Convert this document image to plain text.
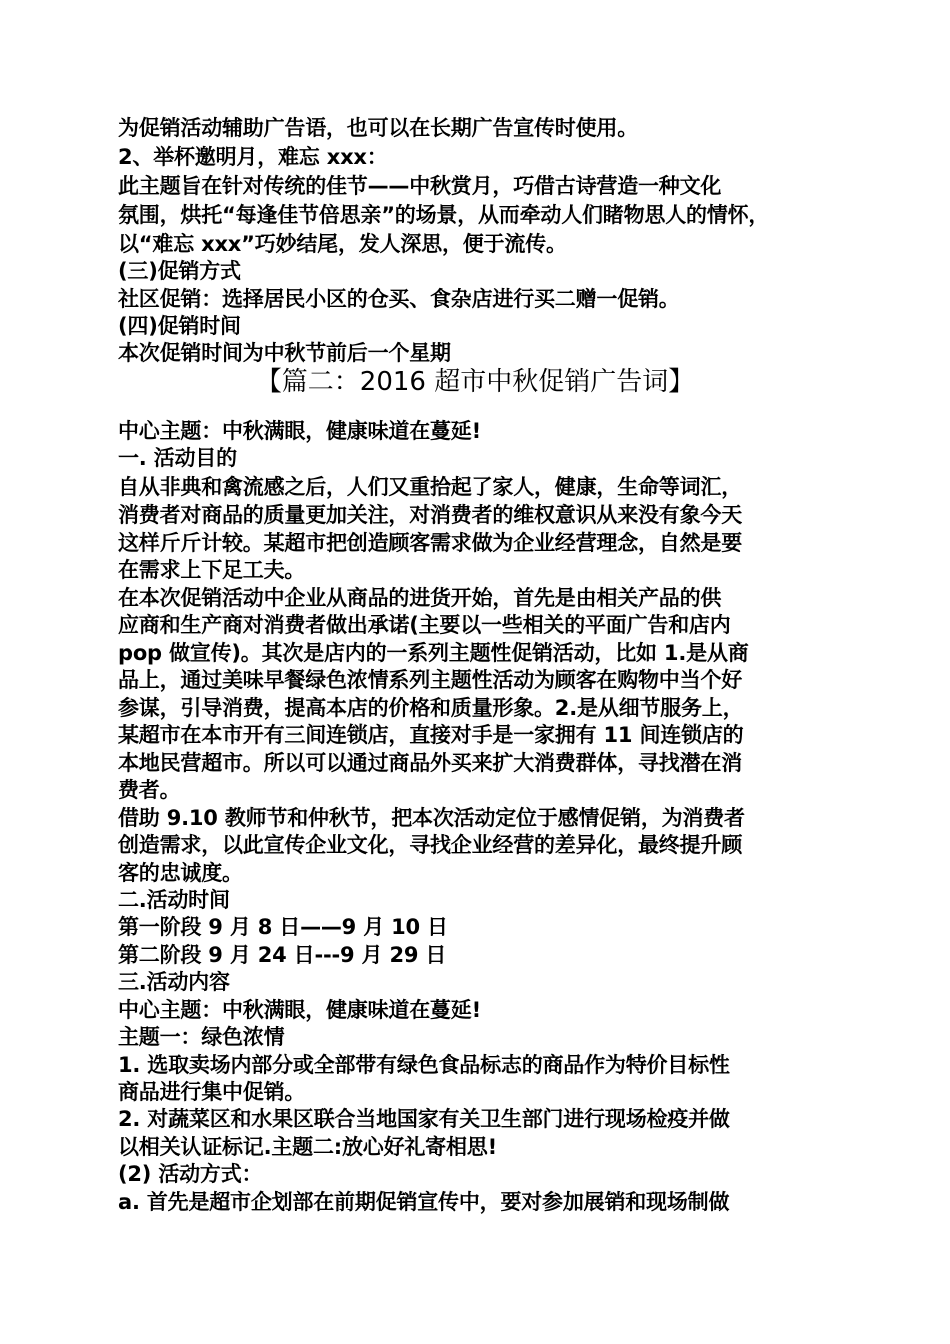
为促销活动辅助广告语，也可以在长期广告宣传时使用。
2、举杯邀明月，难忘 xxx：
此主题旨在针对传统的佳节——中秋赏月，巧借古诗营造一种文化
氛围，烘托“每逢佳节倍思亲”的场景，从而牵动人们睹物思人的情怀，
以“难忘 xxx”巧妙结尾，发人深思，便于流传。
(三)促销方式
社区促销：选择居民小区的仓买、食杂店进行买二赠一促销。
(四)促销时间
本次促销时间为中秋节前后一个星期
【篇二：2016 超市中秋促销广告词】
中心主题：中秋满眼，健康味道在蔓延!
一. 活动目的
自从非典和禽流感之后，人们又重拾起了家人，健康，生命等词汇，
消费者对商品的质量更加关注，对消费者的维权意识从来没有象今天
这样斤斤计较。某超市把创造顾客需求做为企业经营理念，自然是要
在需求上下足工夫。
在本次促销活动中企业从商品的进货开始，首先是由相关产品的供
应商和生产商对消费者做出承诺(主要以一些相关的平面广告和店内
pop 做宣传)。其次是店内的一系列主题性促销活动，比如 1.是从商
品上，通过美味早餐绿色浓情系列主题性活动为顾客在购物中当个好
参谋，引导消费，提高本店的价格和质量形象。2.是从细节服务上，
某超市在本市开有三间连锁店，直接对手是一家拥有 11 间连锁店的
本地民营超市。所以可以通过商品外买来扩大消费群体，寻找潜在消
费者。
借助 9.10 教师节和仲秋节，把本次活动定位于感情促销，为消费者
创造需求，以此宣传企业文化，寻找企业经营的差异化，最终提升顾
客的忠诚度。
二.活动时间
第一阶段 9 月 8 日——9 月 10 日
第二阶段 9 月 24 日---9 月 29 日
三.活动内容
中心主题：中秋满眼，健康味道在蔓延!
主题一：绿色浓情
1. 选取卖场内部分或全部带有绿色食品标志的商品作为特价目标性
商品进行集中促销。
2. 对蔬菜区和水果区联合当地国家有关卫生部门进行现场检疫并做
以相关认证标记.主题二:放心好礼寄相思!
(2) 活动方式：
a. 首先是超市企划部在前期促销宣传中，要对参加展销和现场制做
